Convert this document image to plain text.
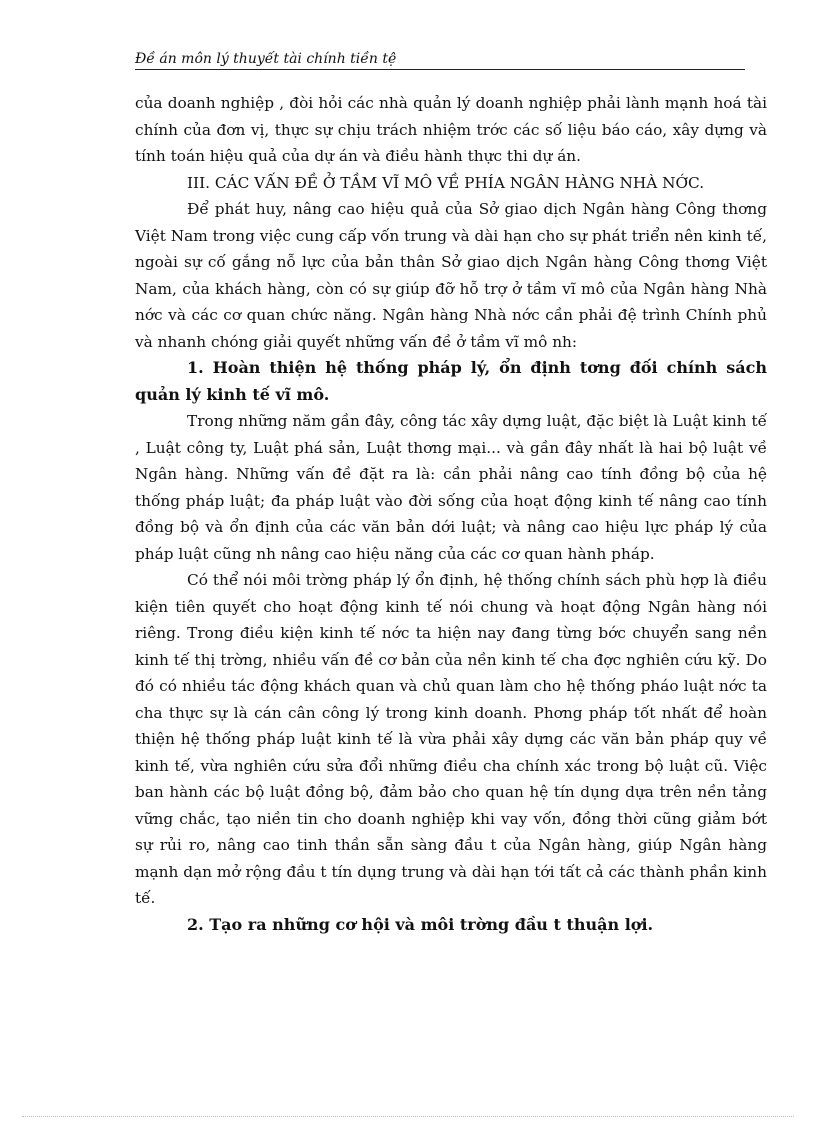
Đề án môn lý thuyết tài chính tiền tệ

của doanh nghiệp , đòi hỏi các nhà quản lý doanh nghiệp phải lành mạnh hoá tài chính của đơn vị, thực sự chịu trách nhiệm trớc các số liệu báo cáo, xây dựng và tính toán hiệu quả của dự án và điều hành thực thi dự án.

III. CÁC VẤN ĐỀ Ở TẦM VĨ MÔ VỀ PHÍA NGÂN HÀNG NHÀ NỚC.

Để phát huy, nâng cao hiệu quả của Sở giao dịch Ngân hàng Công thơng Việt Nam trong việc cung cấp vốn trung và dài hạn cho sự phát triển nên kinh tế, ngoài sự cố gắng nỗ lực của bản thân Sở giao dịch Ngân hàng Công thơng Việt Nam, của khách hàng, còn có sự giúp đỡ hỗ trợ ở tầm vĩ mô của Ngân hàng Nhà nớc và các cơ quan chức năng. Ngân hàng Nhà nớc cần phải đệ trình Chính phủ và nhanh chóng giải quyết những vấn đề ở tầm vĩ mô nh:

1. Hoàn thiện hệ thống pháp lý, ổn định tơng đối chính sách quản lý kinh tế vĩ mô.

Trong những năm gần đây, công tác xây dựng luật, đặc biệt là Luật kinh tế , Luật công ty, Luật phá sản, Luật thơng mại... và gần đây nhất là hai bộ luật về Ngân hàng. Những vấn đề đặt ra là: cần phải nâng cao tính đồng bộ của hệ thống pháp luật; đa pháp luật vào đời sống của hoạt động kinh tế nâng cao tính đồng bộ và ổn định của các văn bản dới luật; và nâng cao hiệu lực pháp lý của pháp luật cũng nh nâng cao hiệu năng của các cơ quan hành pháp.

Có thể nói môi trờng pháp lý ổn định, hệ thống chính sách phù hợp là điều kiện tiên quyết cho hoạt động kinh tế nói chung và hoạt động Ngân hàng nói riêng. Trong điều kiện kinh tế nớc ta hiện nay đang từng bớc chuyển sang nền kinh tế thị trờng, nhiều vấn đề cơ bản của nền kinh tế cha đợc nghiên cứu kỹ. Do đó có nhiều tác động khách quan và chủ quan làm cho hệ thống pháo luật nớc ta cha thực sự là cán cân công lý trong kinh doanh. Phơng pháp tốt nhất để hoàn thiện hệ thống pháp luật kinh tế là vừa phải xây dựng các văn bản pháp quy về kinh tế, vừa nghiên cứu sửa đổi những điều cha chính xác trong bộ luật cũ. Việc ban hành các bộ luật đồng bộ, đảm bảo cho quan hệ tín dụng dựa trên nền tảng vững chắc, tạo niền tin cho doanh nghiệp khi vay vốn, đồng thời cũng giảm bớt sự rủi ro, nâng cao tinh thần sẵn sàng đầu t của Ngân hàng, giúp Ngân hàng mạnh dạn mở rộng đầu t tín dụng trung và dài hạn tới tất cả các thành phần kinh tế.

2. Tạo ra những cơ hội và môi trờng đầu t thuận lợi.
